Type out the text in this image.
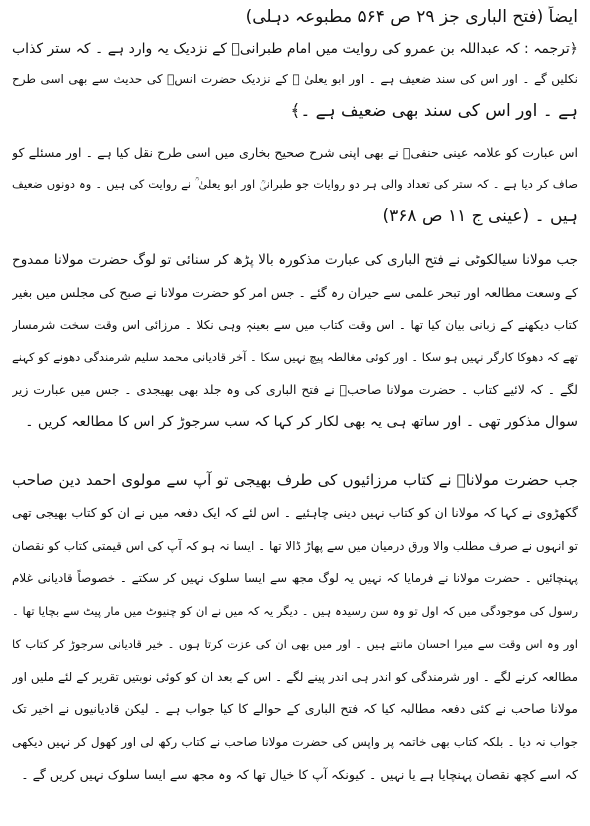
ایضاً (فتح الباری جز ۲۹ ص ۵۶۴ مطبوعہ دہلی)
﴿ترجمہ : کہ عبداللہ بن عمرو کی روایت میں امام طبرانیؒ کے نزدیک یہ وارد ہے ۔ کہ ستر کذاب
نکلیں گے ۔ اور اس کی سند ضعیف ہے ۔ اور ابو یعلیٰ ؒ کے نزدیک حضرت انسؓ کی حدیث سے بھی اسی طرح
ہے ۔ اور اس کی سند بھی ضعیف ہے ۔﴾
اس عبارت کو علامہ عینی حنفیؒ نے بھی اپنی شرح صحیح بخاری میں اسی طرح نقل کیا ہے ۔ اور مسئلے کو
صاف کر دیا ہے ۔ کہ ستر کی تعداد والی ہر دو روایات جو طبرانیؒ اور ابو یعلیٰ ؒ نے روایت کی ہیں ۔ وہ دونوں ضعیف
ہیں ۔ (عینی ج ۱۱ ص ۳۶۸)
جب مولانا سیالکوٹی نے فتح الباری کی عبارت مذکورہ بالا پڑھ کر سنائی تو لوگ حضرت مولانا ممدوح
کے وسعت مطالعہ اور تبحر علمی سے حیران رہ گئے ۔ جس امر کو حضرت مولانا نے صبح کی مجلس میں بغیر
کتاب دیکھنے کے زبانی بیان کیا تھا ۔ اس وقت کتاب میں سے بعینہٖ وہی نکلا ۔ مرزائی اس وقت سخت شرمسار
تھے کہ دھوکا کارگر نہیں ہو سکا ۔ اور کوئی مغالطہ پیچ نہیں سکا ۔ آخر قادیانی محمد سلیم شرمندگی دھونے کو کہنے
لگے ۔ کہ لائیے کتاب ۔ حضرت مولانا صاحبؒ نے فتح الباری کی وہ جلد بھی بھیجدی ۔ جس میں عبارت زیر
سوال مذکور تھی ۔ اور ساتھ ہی یہ بھی لکار کر کہا کہ سب سرجوڑ کر اس کا مطالعہ کریں ۔
جب حضرت مولاناؒ نے کتاب مرزائیوں کی طرف بھیجی تو آپ سے مولوی احمد دین صاحب
گکھڑوی نے کہا کہ مولانا ان کو کتاب نہیں دینی چاہئیے ۔ اس لئے کہ ایک دفعہ میں نے ان کو کتاب بھیجی تھی
تو انہوں نے صرف مطلب والا ورق درمیان میں سے پھاڑ ڈالا تھا ۔ ایسا نہ ہو کہ آپ کی اس قیمتی کتاب کو نقصان
پہنچائیں ۔ حضرت مولانا نے فرمایا کہ نہیں یہ لوگ مجھ سے ایسا سلوک نہیں کر سکتے ۔ خصوصاً قادیانی غلام
رسول کی موجودگی میں کہ اول تو وہ سن رسیدہ ہیں ۔ دیگر یہ کہ میں نے ان کو چنیوٹ میں مار پیٹ سے بچایا تھا ۔
اور وہ اس وقت سے میرا احسان مانتے ہیں ۔ اور میں بھی ان کی عزت کرتا ہوں ۔ خیر قادیانی سرجوڑ کر کتاب کا
مطالعہ کرنے لگے ۔ اور شرمندگی کو اندر ہی اندر پینے لگے ۔ اس کے بعد ان کو کوئی نوبتیں تقریر کے لئے ملیں اور
مولانا صاحب نے کئی دفعہ مطالبہ کیا کہ فتح الباری کے حوالے کا کیا جواب ہے ۔ لیکن قادیانیوں نے اخیر تک
جواب نہ دیا ۔ بلکہ کتاب بھی خاتمہ پر واپس کی حضرت مولانا صاحب نے کتاب رکھ لی اور کھول کر نہیں دیکھی
کہ اسے کچھ نقصان پہنچایا ہے یا نہیں ۔ کیونکہ آپ کا خیال تھا کہ وہ مجھ سے ایسا سلوک نہیں کریں گے ۔
